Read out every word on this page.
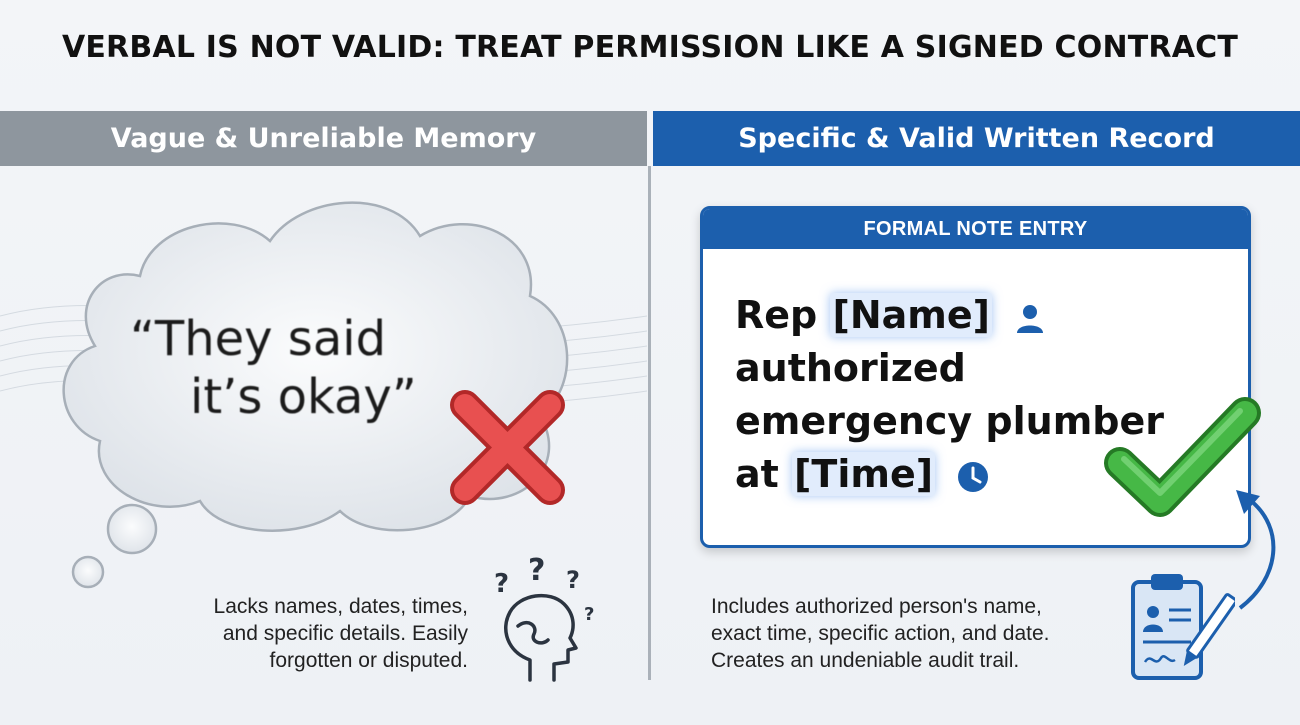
VERBAL IS NOT VALID: TREAT PERMISSION LIKE A SIGNED CONTRACT
Vague & Unreliable Memory	Specific & Valid Written Record
“They said
it’s okay”
Lacks names, dates, times,
and specific details. Easily
forgotten or disputed.
? ? ?
?
FORMAL NOTE ENTRY
Rep [Name]
authorized
emergency plumber
at [Time]
Includes authorized person's name,
exact time, specific action, and date.
Creates an undeniable audit trail.
